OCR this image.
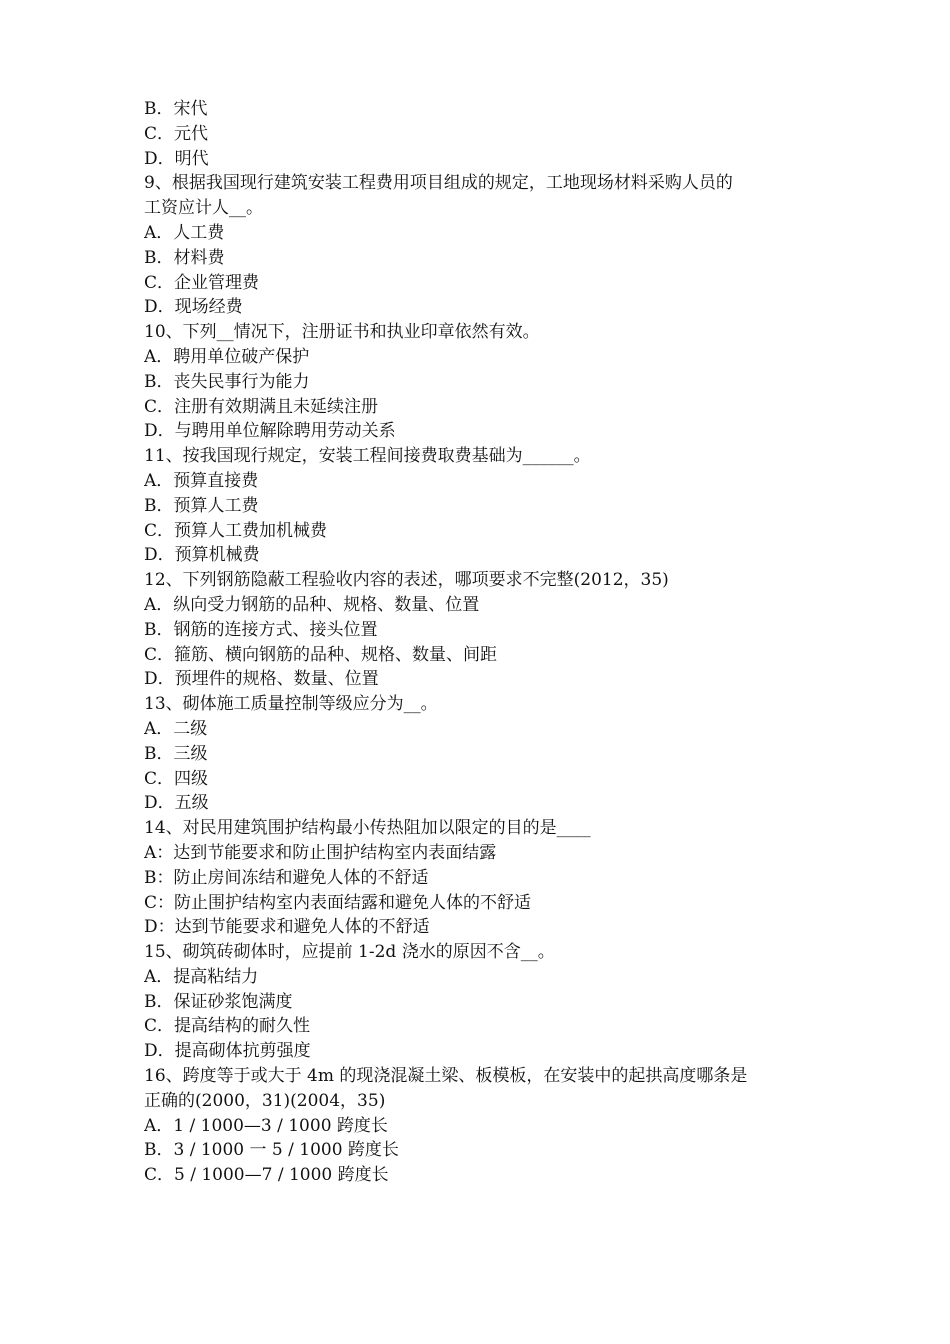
B．宋代
C．元代
D．明代
9、根据我国现行建筑安装工程费用项目组成的规定，工地现场材料采购人员的
工资应计人__。
A．人工费
B．材料费
C．企业管理费
D．现场经费
10、下列__情况下，注册证书和执业印章依然有效。
A．聘用单位破产保护
B．丧失民事行为能力
C．注册有效期满且未延续注册
D．与聘用单位解除聘用劳动关系
11、按我国现行规定，安装工程间接费取费基础为______。
A．预算直接费
B．预算人工费
C．预算人工费加机械费
D．预算机械费
12、下列钢筋隐蔽工程验收内容的表述，哪项要求不完整(2012，35)
A．纵向受力钢筋的品种、规格、数量、位置
B．钢筋的连接方式、接头位置
C．箍筋、横向钢筋的品种、规格、数量、间距
D．预埋件的规格、数量、位置
13、砌体施工质量控制等级应分为__。
A．二级
B．三级
C．四级
D．五级
14、对民用建筑围护结构最小传热阻加以限定的目的是____
A：达到节能要求和防止围护结构室内表面结露
B：防止房间冻结和避免人体的不舒适
C：防止围护结构室内表面结露和避免人体的不舒适
D：达到节能要求和避免人体的不舒适
15、砌筑砖砌体时，应提前 1-2d 浇水的原因不含__。
A．提高粘结力
B．保证砂浆饱满度
C．提高结构的耐久性
D．提高砌体抗剪强度
16、跨度等于或大于 4m 的现浇混凝土梁、板模板，在安装中的起拱高度哪条是
正确的(2000，31)(2004，35)
A．1 / 1000—3 / 1000 跨度长
B．3 / 1000 一 5 / 1000 跨度长
C．5 / 1000—7 / 1000 跨度长
